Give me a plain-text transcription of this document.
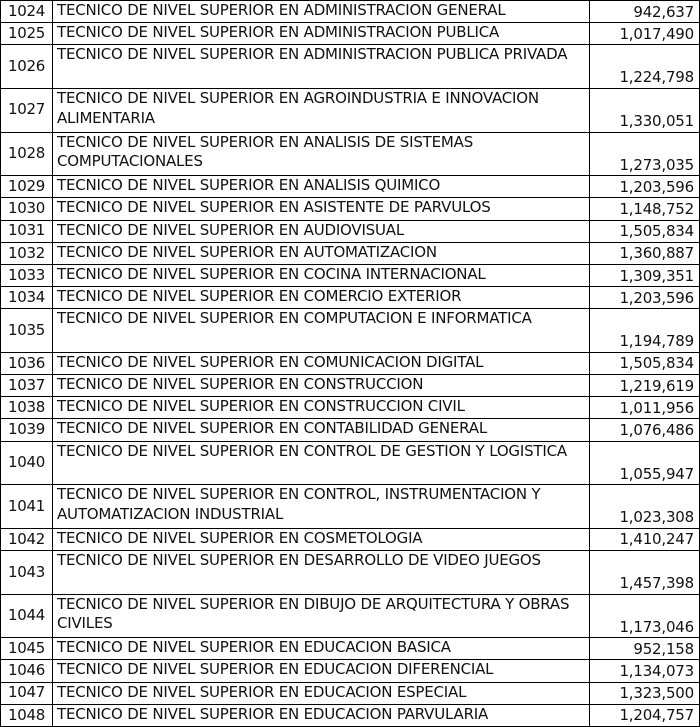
1024	TECNICO DE NIVEL SUPERIOR EN ADMINISTRACION GENERAL	942,637
1025	TECNICO DE NIVEL SUPERIOR EN ADMINISTRACION PUBLICA	1,017,490
1026	TECNICO DE NIVEL SUPERIOR EN ADMINISTRACION PUBLICA PRIVADA	1,224,798
1027	TECNICO DE NIVEL SUPERIOR EN AGROINDUSTRIA E INNOVACION ALIMENTARIA	1,330,051
1028	TECNICO DE NIVEL SUPERIOR EN ANALISIS DE SISTEMAS COMPUTACIONALES	1,273,035
1029	TECNICO DE NIVEL SUPERIOR EN ANALISIS QUIMICO	1,203,596
1030	TECNICO DE NIVEL SUPERIOR EN ASISTENTE DE PARVULOS	1,148,752
1031	TECNICO DE NIVEL SUPERIOR EN AUDIOVISUAL	1,505,834
1032	TECNICO DE NIVEL SUPERIOR EN AUTOMATIZACION	1,360,887
1033	TECNICO DE NIVEL SUPERIOR EN COCINA INTERNACIONAL	1,309,351
1034	TECNICO DE NIVEL SUPERIOR EN COMERCIO EXTERIOR	1,203,596
1035	TECNICO DE NIVEL SUPERIOR EN COMPUTACION E INFORMATICA	1,194,789
1036	TECNICO DE NIVEL SUPERIOR EN COMUNICACION DIGITAL	1,505,834
1037	TECNICO DE NIVEL SUPERIOR EN CONSTRUCCION	1,219,619
1038	TECNICO DE NIVEL SUPERIOR EN CONSTRUCCION CIVIL	1,011,956
1039	TECNICO DE NIVEL SUPERIOR EN CONTABILIDAD GENERAL	1,076,486
1040	TECNICO DE NIVEL SUPERIOR EN CONTROL DE GESTION Y LOGISTICA	1,055,947
1041	TECNICO DE NIVEL SUPERIOR EN CONTROL, INSTRUMENTACION Y AUTOMATIZACION INDUSTRIAL	1,023,308
1042	TECNICO DE NIVEL SUPERIOR EN COSMETOLOGIA	1,410,247
1043	TECNICO DE NIVEL SUPERIOR EN DESARROLLO DE VIDEO JUEGOS	1,457,398
1044	TECNICO DE NIVEL SUPERIOR EN DIBUJO DE ARQUITECTURA Y OBRAS CIVILES	1,173,046
1045	TECNICO DE NIVEL SUPERIOR EN EDUCACION BASICA	952,158
1046	TECNICO DE NIVEL SUPERIOR EN EDUCACION DIFERENCIAL	1,134,073
1047	TECNICO DE NIVEL SUPERIOR EN EDUCACION ESPECIAL	1,323,500
1048	TECNICO DE NIVEL SUPERIOR EN EDUCACION PARVULARIA	1,204,757
